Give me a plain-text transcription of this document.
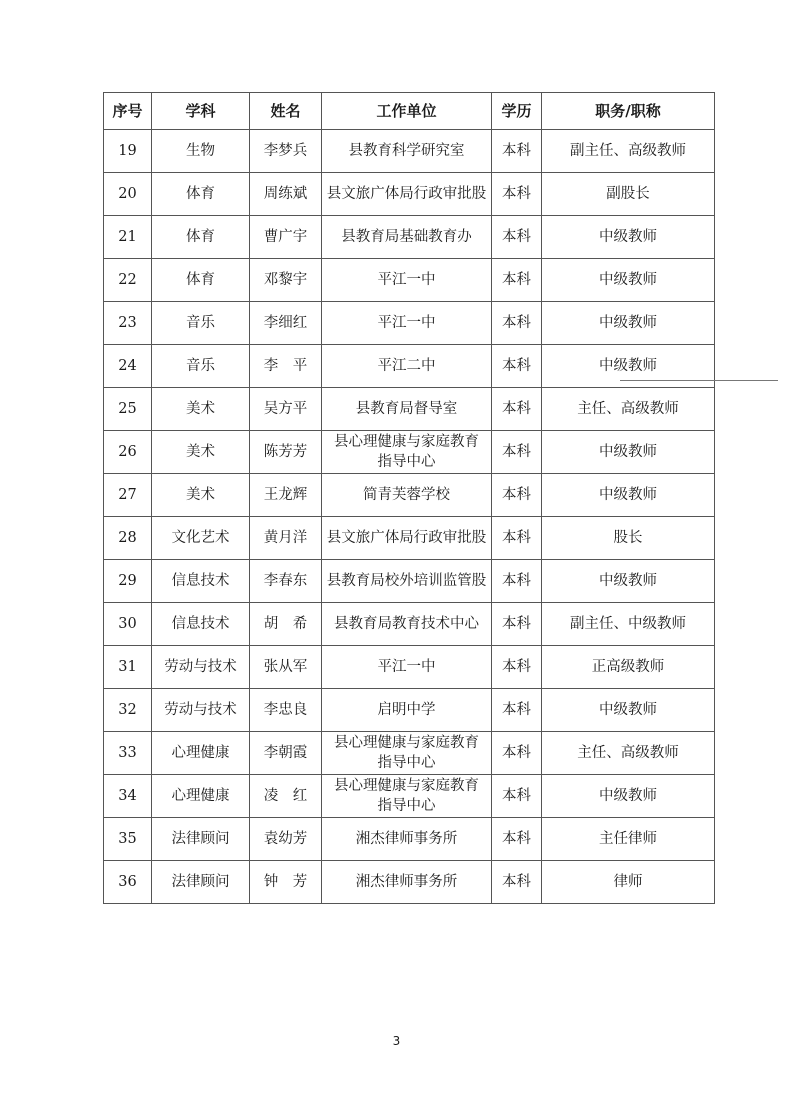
序号	学科	姓名	工作单位	学历	职务/职称
19	生物	李梦兵	县教育科学研究室	本科	副主任、高级教师
20	体育	周练斌	县文旅广体局行政审批股	本科	副股长
21	体育	曹广宇	县教育局基础教育办	本科	中级教师
22	体育	邓黎宇	平江一中	本科	中级教师
23	音乐	李细红	平江一中	本科	中级教师
24	音乐	李　平	平江二中	本科	中级教师
25	美术	吴方平	县教育局督导室	本科	主任、高级教师
26	美术	陈芳芳	县心理健康与家庭教育
指导中心	本科	中级教师
27	美术	王龙辉	简青芙蓉学校	本科	中级教师
28	文化艺术	黄月洋	县文旅广体局行政审批股	本科	股长
29	信息技术	李春东	县教育局校外培训监管股	本科	中级教师
30	信息技术	胡　希	县教育局教育技术中心	本科	副主任、中级教师
31	劳动与技术	张从军	平江一中	本科	正高级教师
32	劳动与技术	李忠良	启明中学	本科	中级教师
33	心理健康	李朝霞	县心理健康与家庭教育
指导中心	本科	主任、高级教师
34	心理健康	凌　红	县心理健康与家庭教育
指导中心	本科	中级教师
35	法律顾问	袁幼芳	湘杰律师事务所	本科	主任律师
36	法律顾问	钟　芳	湘杰律师事务所	本科	律师
3
